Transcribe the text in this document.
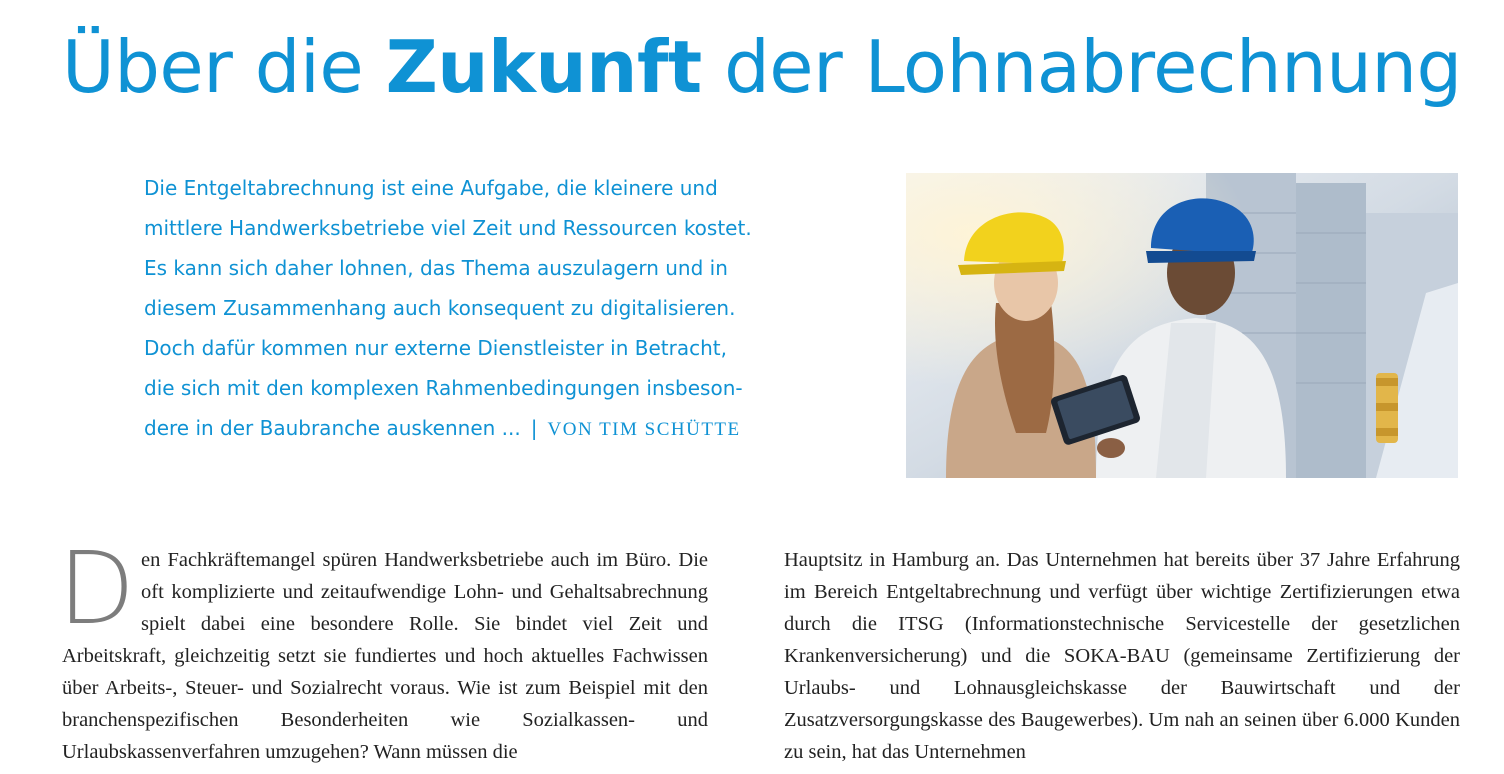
Über die Zukunft der Lohnabrechnung

Die Entgeltabrechnung ist eine Aufgabe, die kleinere und
mittlere Handwerksbetriebe viel Zeit und Ressourcen kostet.
Es kann sich daher lohnen, das Thema auszulagern und in
diesem Zusammenhang auch konsequent zu digitalisieren.
Doch dafür kommen nur externe Dienstleister in Betracht,
die sich mit den komplexen Rahmenbedingungen insbeson-
dere in der Baubranche auskennen ... | VON TIM SCHÜTTE

D en Fachkräftemangel spüren Handwerksbetriebe auch im Büro. Die oft komplizierte und zeitaufwendige Lohn- und Gehaltsabrechnung spielt dabei eine besondere Rolle. Sie bindet viel Zeit und Arbeitskraft, gleichzeitig setzt sie fundiertes und hoch aktuelles Fachwissen über Arbeits-, Steuer- und Sozialrecht voraus. Wie ist zum Beispiel mit den branchenspezifischen Besonderheiten wie Sozialkassen- und Urlaubskassenverfahren umzugehen? Wann müssen die

Hauptsitz in Hamburg an. Das Unternehmen hat bereits über 37 Jahre Erfahrung im Bereich Entgeltabrechnung und verfügt über wichtige Zertifizierungen etwa durch die ITSG (Informationstechnische Servicestelle der gesetzlichen Krankenversicherung) und die SOKA-BAU (gemeinsame Zertifizierung der Urlaubs- und Lohnausgleichskasse der Bauwirtschaft und der Zusatzversorgungskasse des Baugewerbes). Um nah an seinen über 6.000 Kunden zu sein, hat das Unternehmen
